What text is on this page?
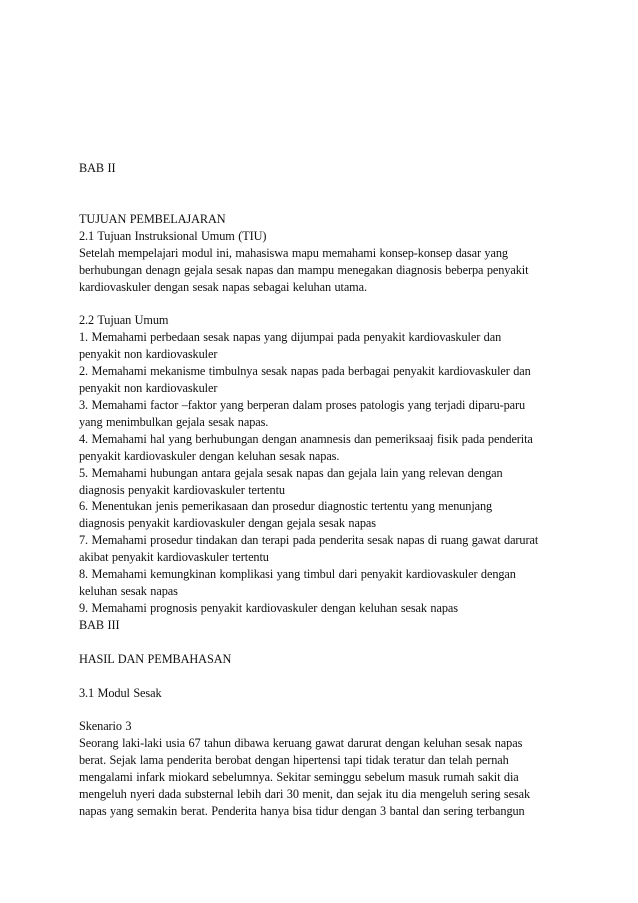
BAB II
TUJUAN PEMBELAJARAN
2.1 Tujuan Instruksional Umum (TIU)
Setelah mempelajari modul ini, mahasiswa mapu memahami konsep-konsep dasar yang
berhubungan denagn gejala sesak napas dan mampu menegakan diagnosis beberpa penyakit
kardiovaskuler dengan sesak napas sebagai keluhan utama.
2.2 Tujuan Umum
1. Memahami perbedaan sesak napas yang dijumpai pada penyakit kardiovaskuler dan
penyakit non kardiovaskuler
2. Memahami mekanisme timbulnya sesak napas pada berbagai penyakit kardiovaskuler dan
penyakit non kardiovaskuler
3. Memahami factor –faktor yang berperan dalam proses patologis yang terjadi diparu-paru
yang menimbulkan gejala sesak napas.
4. Memahami hal yang berhubungan dengan anamnesis dan pemeriksaaj fisik pada penderita
penyakit kardiovaskuler dengan keluhan sesak napas.
5. Memahami hubungan antara gejala sesak napas dan gejala lain yang relevan dengan
diagnosis penyakit kardiovaskuler tertentu
6. Menentukan jenis pemerikasaan dan prosedur diagnostic tertentu yang menunjang
diagnosis penyakit kardiovaskuler dengan gejala sesak napas
7. Memahami prosedur tindakan dan terapi pada penderita sesak napas di ruang gawat darurat
akibat penyakit kardiovaskuler tertentu
8. Memahami kemungkinan komplikasi yang timbul dari penyakit kardiovaskuler dengan
keluhan sesak napas
9. Memahami prognosis penyakit kardiovaskuler dengan keluhan sesak napas
BAB III
HASIL DAN PEMBAHASAN
3.1 Modul Sesak
Skenario 3
Seorang laki-laki usia 67 tahun dibawa keruang gawat darurat dengan keluhan sesak napas
berat. Sejak lama penderita berobat dengan hipertensi tapi tidak teratur dan telah pernah
mengalami infark miokard sebelumnya. Sekitar seminggu sebelum masuk rumah sakit dia
mengeluh nyeri dada substernal lebih dari 30 menit, dan sejak itu dia mengeluh sering sesak
napas yang semakin berat. Penderita hanya bisa tidur dengan 3 bantal dan sering terbangun
